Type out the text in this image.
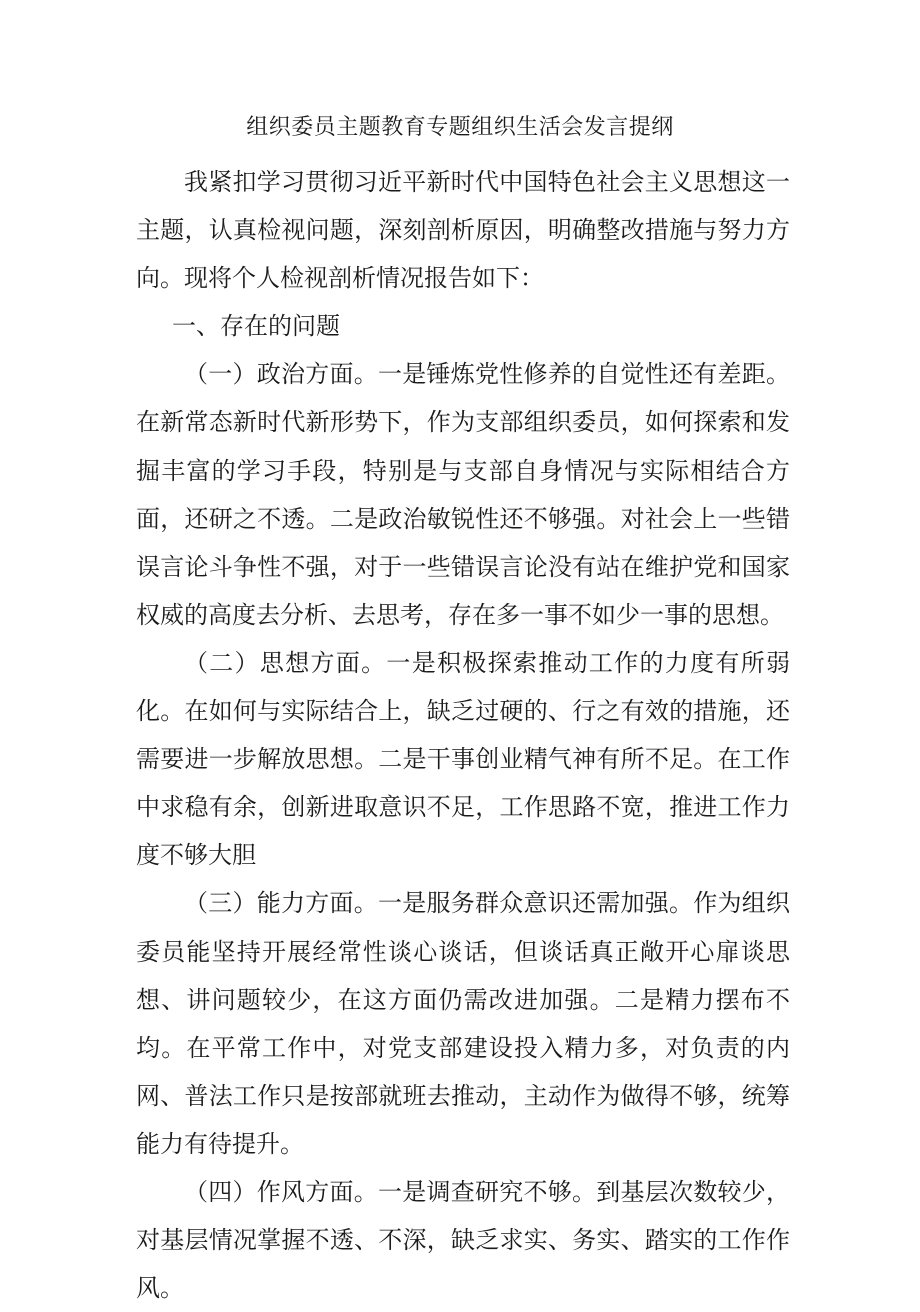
组织委员主题教育专题组织生活会发言提纲

我紧扣学习贯彻习近平新时代中国特色社会主义思想这一主题，认真检视问题，深刻剖析原因，明确整改措施与努力方向。现将个人检视剖析情况报告如下：

一、存在的问题

（一）政治方面。一是锤炼党性修养的自觉性还有差距。在新常态新时代新形势下，作为支部组织委员，如何探索和发掘丰富的学习手段，特别是与支部自身情况与实际相结合方面，还研之不透。二是政治敏锐性还不够强。对社会上一些错误言论斗争性不强，对于一些错误言论没有站在维护党和国家权威的高度去分析、去思考，存在多一事不如少一事的思想。

（二）思想方面。一是积极探索推动工作的力度有所弱化。在如何与实际结合上，缺乏过硬的、行之有效的措施，还需要进一步解放思想。二是干事创业精气神有所不足。在工作中求稳有余，创新进取意识不足，工作思路不宽，推进工作力度不够大胆

（三）能力方面。一是服务群众意识还需加强。作为组织委员能坚持开展经常性谈心谈话，但谈话真正敞开心扉谈思想、讲问题较少，在这方面仍需改进加强。二是精力摆布不均。在平常工作中，对党支部建设投入精力多，对负责的内网、普法工作只是按部就班去推动，主动作为做得不够，统筹能力有待提升。

（四）作风方面。一是调查研究不够。到基层次数较少，对基层情况掌握不透、不深，缺乏求实、务实、踏实的工作作风。
